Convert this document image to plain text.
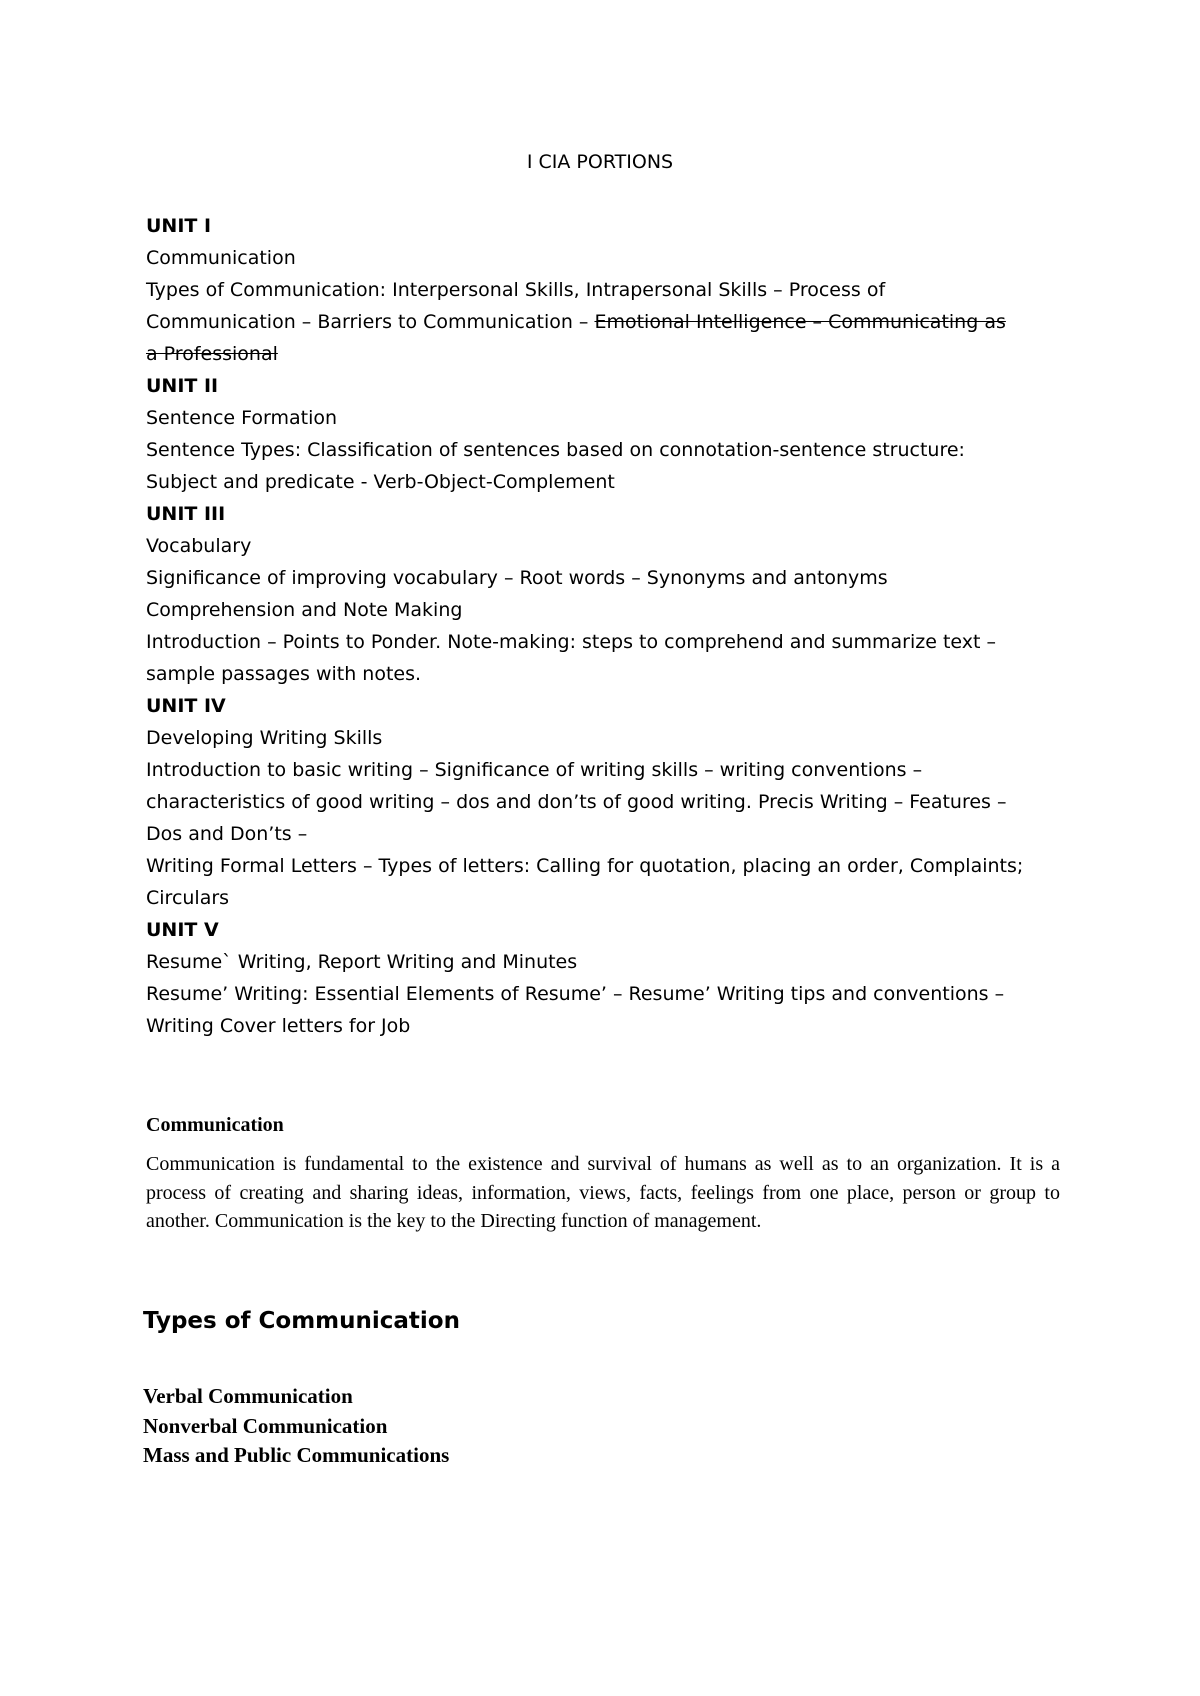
I CIA PORTIONS
UNIT I
Communication
Types of Communication: Interpersonal Skills, Intrapersonal Skills – Process of
Communication – Barriers to Communication – Emotional Intelligence – Communicating as
a Professional
UNIT II
Sentence Formation
Sentence Types: Classification of sentences based on connotation-sentence structure:
Subject and predicate - Verb-Object-Complement
UNIT III
Vocabulary
Significance of improving vocabulary – Root words – Synonyms and antonyms
Comprehension and Note Making
Introduction – Points to Ponder. Note-making: steps to comprehend and summarize text –
sample passages with notes.
UNIT IV
Developing Writing Skills
Introduction to basic writing – Significance of writing skills – writing conventions –
characteristics of good writing – dos and don’ts of good writing. Precis Writing – Features –
Dos and Don’ts –
Writing Formal Letters – Types of letters: Calling for quotation, placing an order, Complaints;
Circulars
UNIT V
Resume` Writing, Report Writing and Minutes
Resume’ Writing: Essential Elements of Resume’ – Resume’ Writing tips and conventions –
Writing Cover letters for Job
Communication
Communication is fundamental to the existence and survival of humans as well as to an organization. It is a process of creating and sharing ideas, information, views, facts, feelings from one place, person or group to another. Communication is the key to the Directing function of management.
Types of Communication
Verbal Communication
Nonverbal Communication
Mass and Public Communications
